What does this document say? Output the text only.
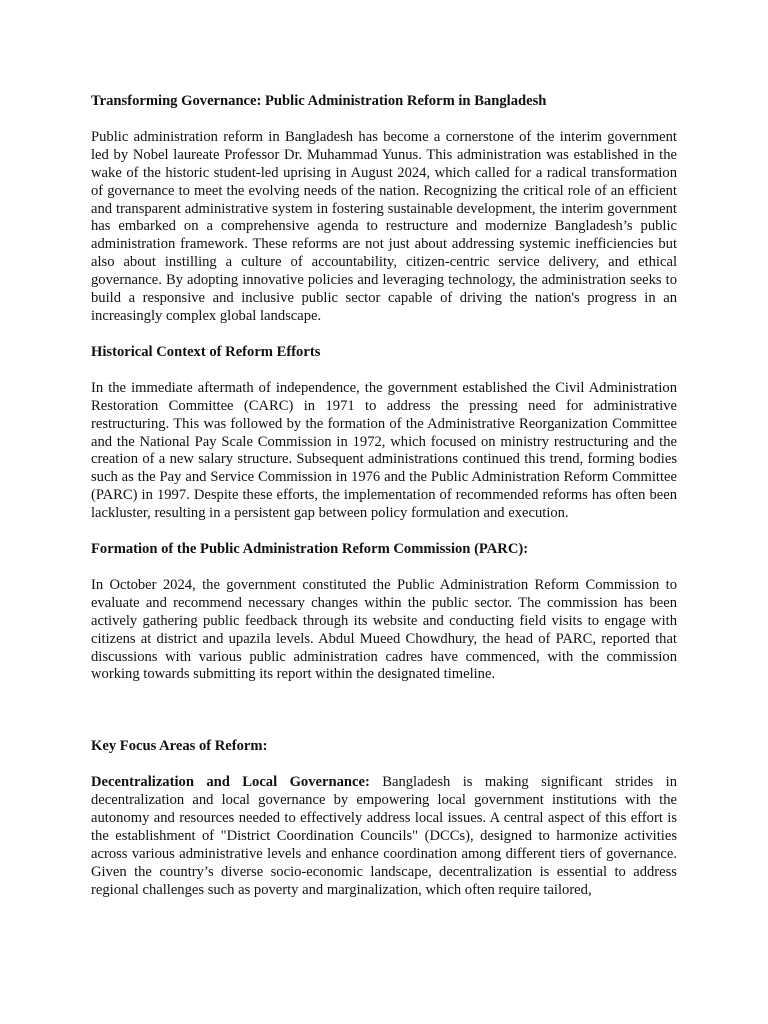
Transforming Governance: Public Administration Reform in Bangladesh

Public administration reform in Bangladesh has become a cornerstone of the interim government led by Nobel laureate Professor Dr. Muhammad Yunus. This administration was established in the wake of the historic student-led uprising in August 2024, which called for a radical transformation of governance to meet the evolving needs of the nation. Recognizing the critical role of an efficient and transparent administrative system in fostering sustainable development, the interim government has embarked on a comprehensive agenda to restructure and modernize Bangladesh’s public administration framework. These reforms are not just about addressing systemic inefficiencies but also about instilling a culture of accountability, citizen-centric service delivery, and ethical governance. By adopting innovative policies and leveraging technology, the administration seeks to build a responsive and inclusive public sector capable of driving the nation's progress in an increasingly complex global landscape.

Historical Context of Reform Efforts

In the immediate aftermath of independence, the government established the Civil Administration Restoration Committee (CARC) in 1971 to address the pressing need for administrative restructuring. This was followed by the formation of the Administrative Reorganization Committee and the National Pay Scale Commission in 1972, which focused on ministry restructuring and the creation of a new salary structure. Subsequent administrations continued this trend, forming bodies such as the Pay and Service Commission in 1976 and the Public Administration Reform Committee (PARC) in 1997. Despite these efforts, the implementation of recommended reforms has often been lackluster, resulting in a persistent gap between policy formulation and execution.

Formation of the Public Administration Reform Commission (PARC):

In October 2024, the government constituted the Public Administration Reform Commission to evaluate and recommend necessary changes within the public sector. The commission has been actively gathering public feedback through its website and conducting field visits to engage with citizens at district and upazila levels. Abdul Mueed Chowdhury, the head of PARC, reported that discussions with various public administration cadres have commenced, with the commission working towards submitting its report within the designated timeline.

Key Focus Areas of Reform:

Decentralization and Local Governance: Bangladesh is making significant strides in decentralization and local governance by empowering local government institutions with the autonomy and resources needed to effectively address local issues. A central aspect of this effort is the establishment of "District Coordination Councils" (DCCs), designed to harmonize activities across various administrative levels and enhance coordination among different tiers of governance. Given the country’s diverse socio-economic landscape, decentralization is essential to address regional challenges such as poverty and marginalization, which often require tailored,
